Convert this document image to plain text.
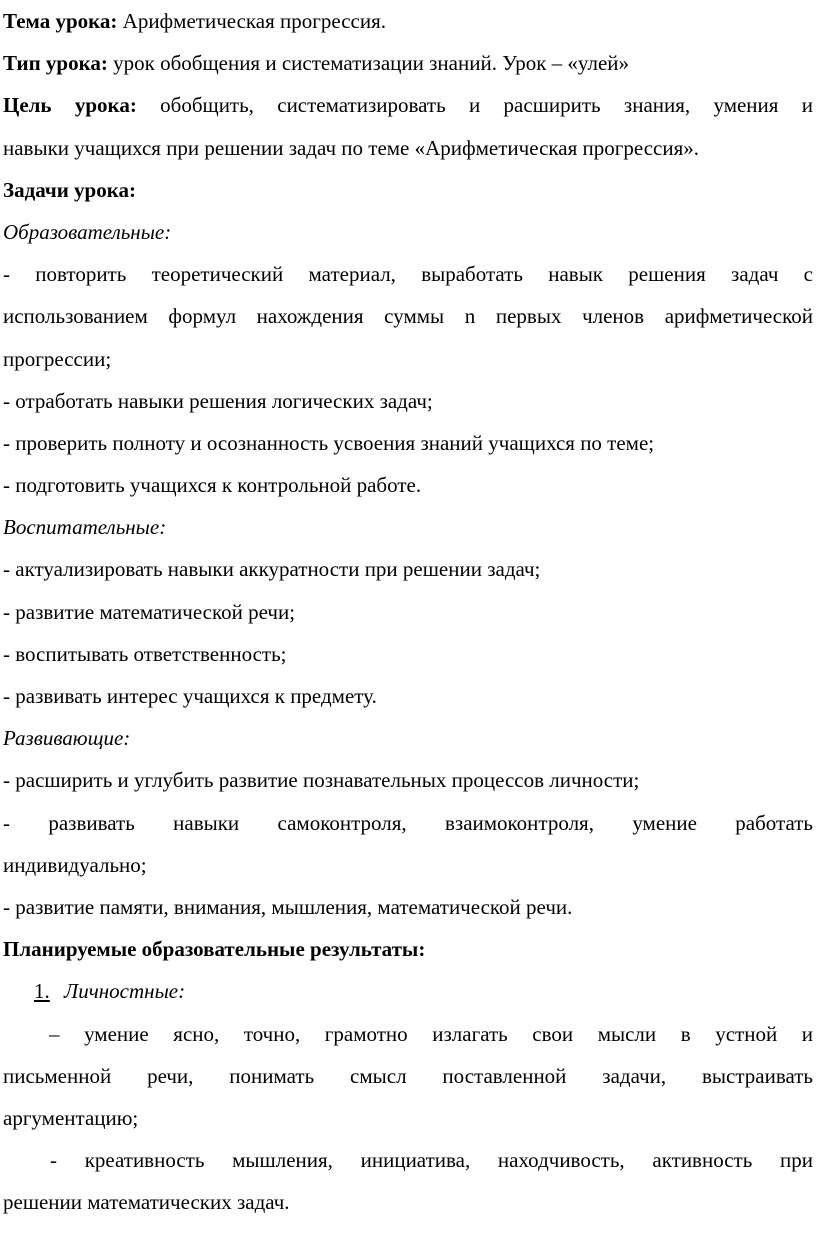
Тема урока: Арифметическая прогрессия.
Тип урока: урок обобщения и систематизации знаний. Урок – «улей»
Цель урока: обобщить, систематизировать и расширить знания, умения и
навыки учащихся при решении задач по теме «Арифметическая прогрессия».
Задачи урока:
Образовательные:
- повторить теоретический материал, выработать навык решения задач с
использованием формул нахождения суммы n первых членов арифметической
прогрессии;
- отработать навыки решения логических задач;
- проверить полноту и осознанность усвоения знаний учащихся по теме;
- подготовить учащихся к контрольной работе.
Воспитательные:
- актуализировать навыки аккуратности при решении задач;
- развитие математической речи;
- воспитывать ответственность;
- развивать интерес учащихся к предмету.
Развивающие:
- расширить и углубить развитие познавательных процессов личности;
- развивать навыки самоконтроля, взаимоконтроля, умение работать
индивидуально;
- развитие памяти, внимания, мышления, математической речи.
Планируемые образовательные результаты:
1. Личностные:
– умение ясно, точно, грамотно излагать свои мысли в устной и
письменной речи, понимать смысл поставленной задачи, выстраивать
аргументацию;
- креативность мышления, инициатива, находчивость, активность при
решении математических задач.
